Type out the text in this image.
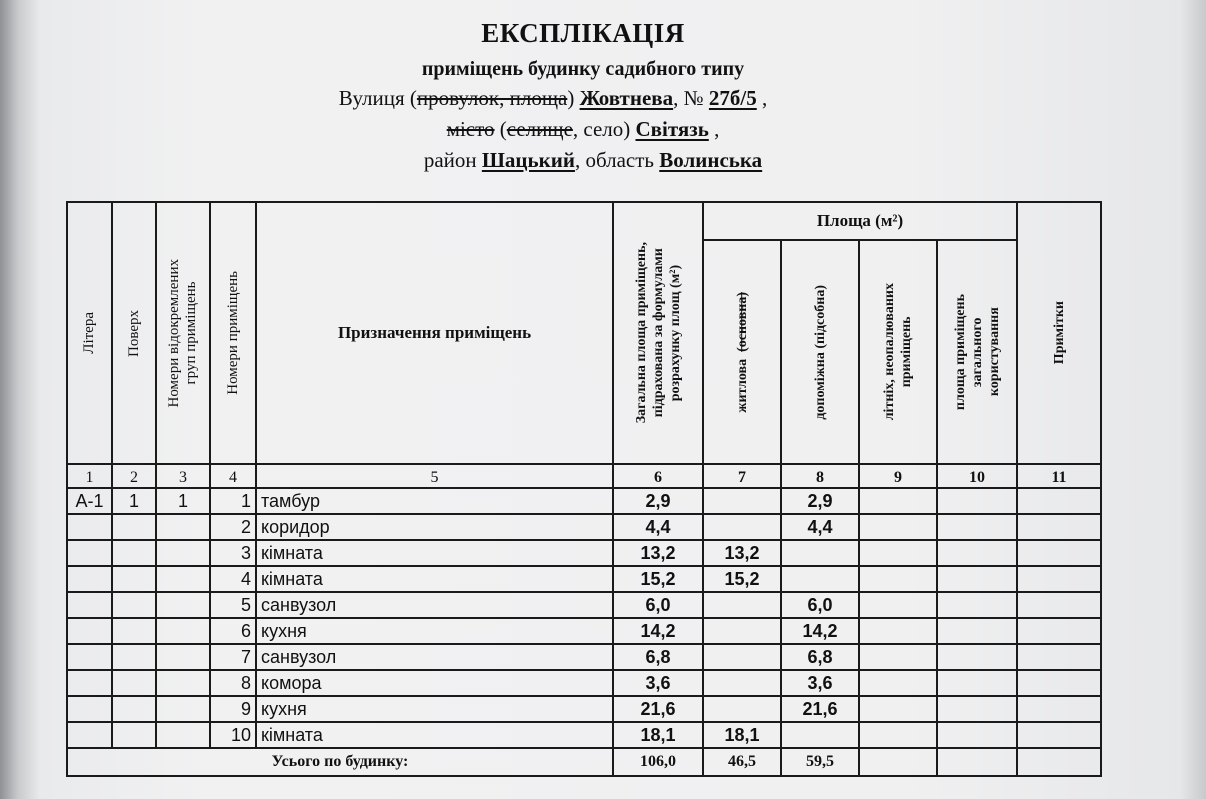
ЕКСПЛІКАЦІЯ
приміщень будинку садибного типу
Вулиця (провулок, площа) Жовтнева, № 27б/5 ,
місто (селище, село) Світязь ,
район Шацький, область Волинська
Літера	Поверх	Номери відокремлених
груп приміщень	Номери приміщень	Призначення приміщень	Загальна площа приміщень, підрахована за формулами розрахунку площ (м²)	Площа (м²)				Примітки

						житлова  (основна)	допоміжна (підсобна)	літніх, неопалюваних приміщень	площа приміщень загального користування	

1	2	3	4	5	6	7	8	9	10	11
А-1	1	1	1	тамбур	2,9		2,9			
			2	коридор	4,4		4,4			
			3	кімната	13,2	13,2				
			4	кімната	15,2	15,2				
			5	санвузол	6,0		6,0			
			6	кухня	14,2		14,2			
			7	санвузол	6,8		6,8			
			8	комора	3,6		3,6			
			9	кухня	21,6		21,6			
			10	кімната	18,1	18,1				
Усього по будинку:					106,0	46,5	59,5			
